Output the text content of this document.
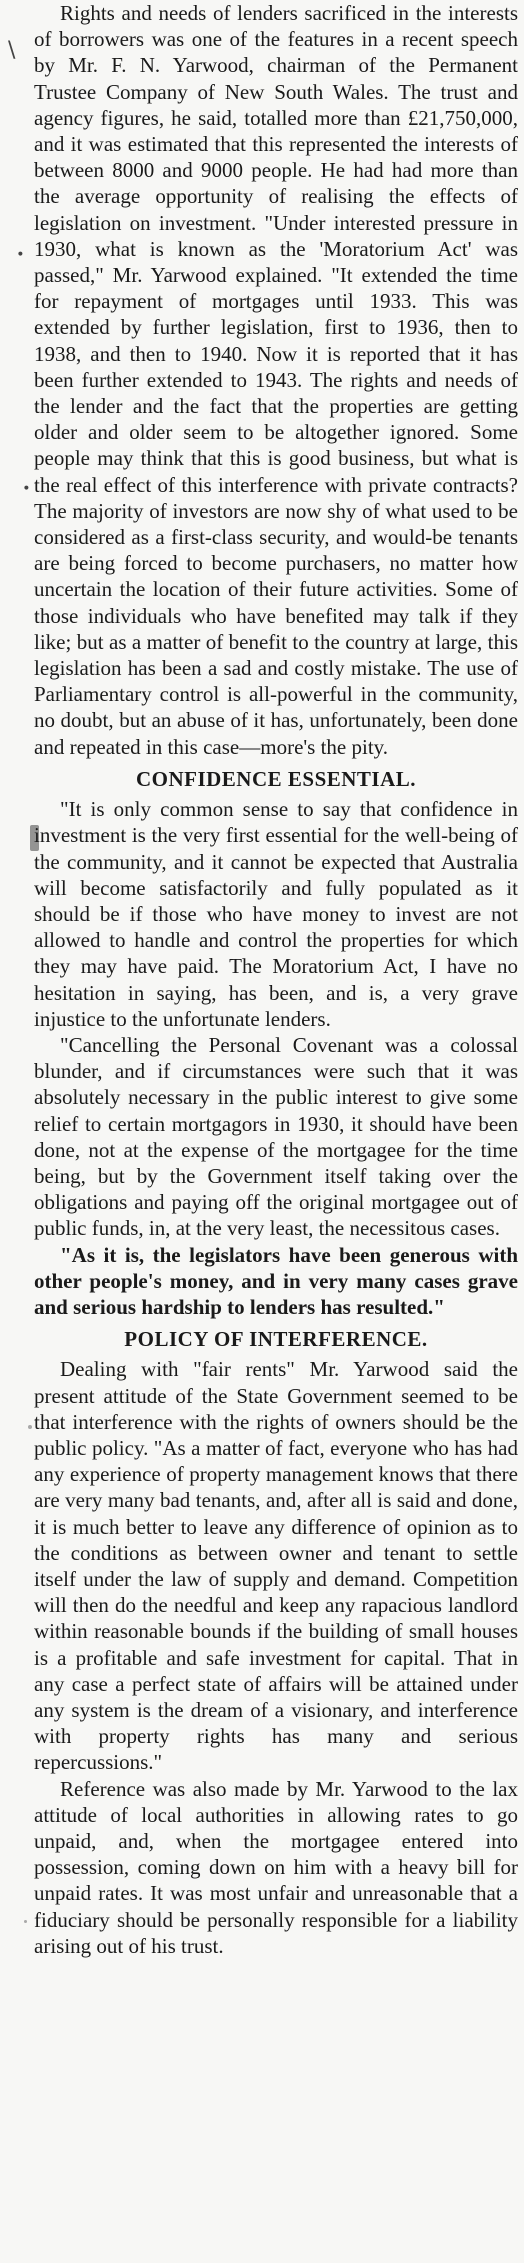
\
∙
∙

Rights and needs of lenders sacrificed in the interests of borrowers was one of the features in a recent speech by Mr. F. N. Yarwood, chairman of the Permanent Trustee Company of New South Wales. The trust and agency figures, he said, totalled more than £21,750,000, and it was estimated that this represented the interests of between 8000 and 9000 people. He had had more than the average opportunity of realising the effects of legislation on investment. "Under interested pressure in 1930, what is known as the 'Moratorium Act' was passed," Mr. Yarwood explained. "It extended the time for repayment of mortgages until 1933. This was extended by further legislation, first to 1936, then to 1938, and then to 1940. Now it is reported that it has been further extended to 1943. The rights and needs of the lender and the fact that the properties are getting older and older seem to be altogether ignored. Some people may think that this is good business, but what is the real effect of this interference with private contracts? The majority of investors are now shy of what used to be considered as a first-class security, and would-be tenants are being forced to become purchasers, no matter how uncertain the location of their future activities. Some of those individuals who have benefited may talk if they like; but as a matter of benefit to the country at large, this legislation has been a sad and costly mistake. The use of Parliamentary control is all-powerful in the community, no doubt, but an abuse of it has, unfortunately, been done and repeated in this case—more's the pity.

CONFIDENCE ESSENTIAL.

"It is only common sense to say that confidence in investment is the very first essential for the well-being of the community, and it cannot be expected that Australia will become satisfactorily and fully populated as it should be if those who have money to invest are not allowed to handle and control the properties for which they may have paid. The Moratorium Act, I have no hesitation in saying, has been, and is, a very grave injustice to the unfortunate lenders.

"Cancelling the Personal Covenant was a colossal blunder, and if circumstances were such that it was absolutely necessary in the public interest to give some relief to certain mortgagors in 1930, it should have been done, not at the expense of the mortgagee for the time being, but by the Government itself taking over the obligations and paying off the original mortgagee out of public funds, in, at the very least, the necessitous cases.

"As it is, the legislators have been generous with other people's money, and in very many cases grave and serious hardship to lenders has resulted."

POLICY OF INTERFERENCE.

Dealing with "fair rents" Mr. Yarwood said the present attitude of the State Government seemed to be that interference with the rights of owners should be the public policy. "As a matter of fact, everyone who has had any experience of property management knows that there are very many bad tenants, and, after all is said and done, it is much better to leave any difference of opinion as to the conditions as between owner and tenant to settle itself under the law of supply and demand. Competition will then do the needful and keep any rapacious landlord within reasonable bounds if the building of small houses is a profitable and safe investment for capital. That in any case a perfect state of affairs will be attained under any system is the dream of a visionary, and interference with property rights has many and serious repercussions."

Reference was also made by Mr. Yarwood to the lax attitude of local authorities in allowing rates to go unpaid, and, when the mortgagee entered into possession, coming down on him with a heavy bill for unpaid rates. It was most unfair and unreasonable that a fiduciary should be personally responsible for a liability arising out of his trust.
